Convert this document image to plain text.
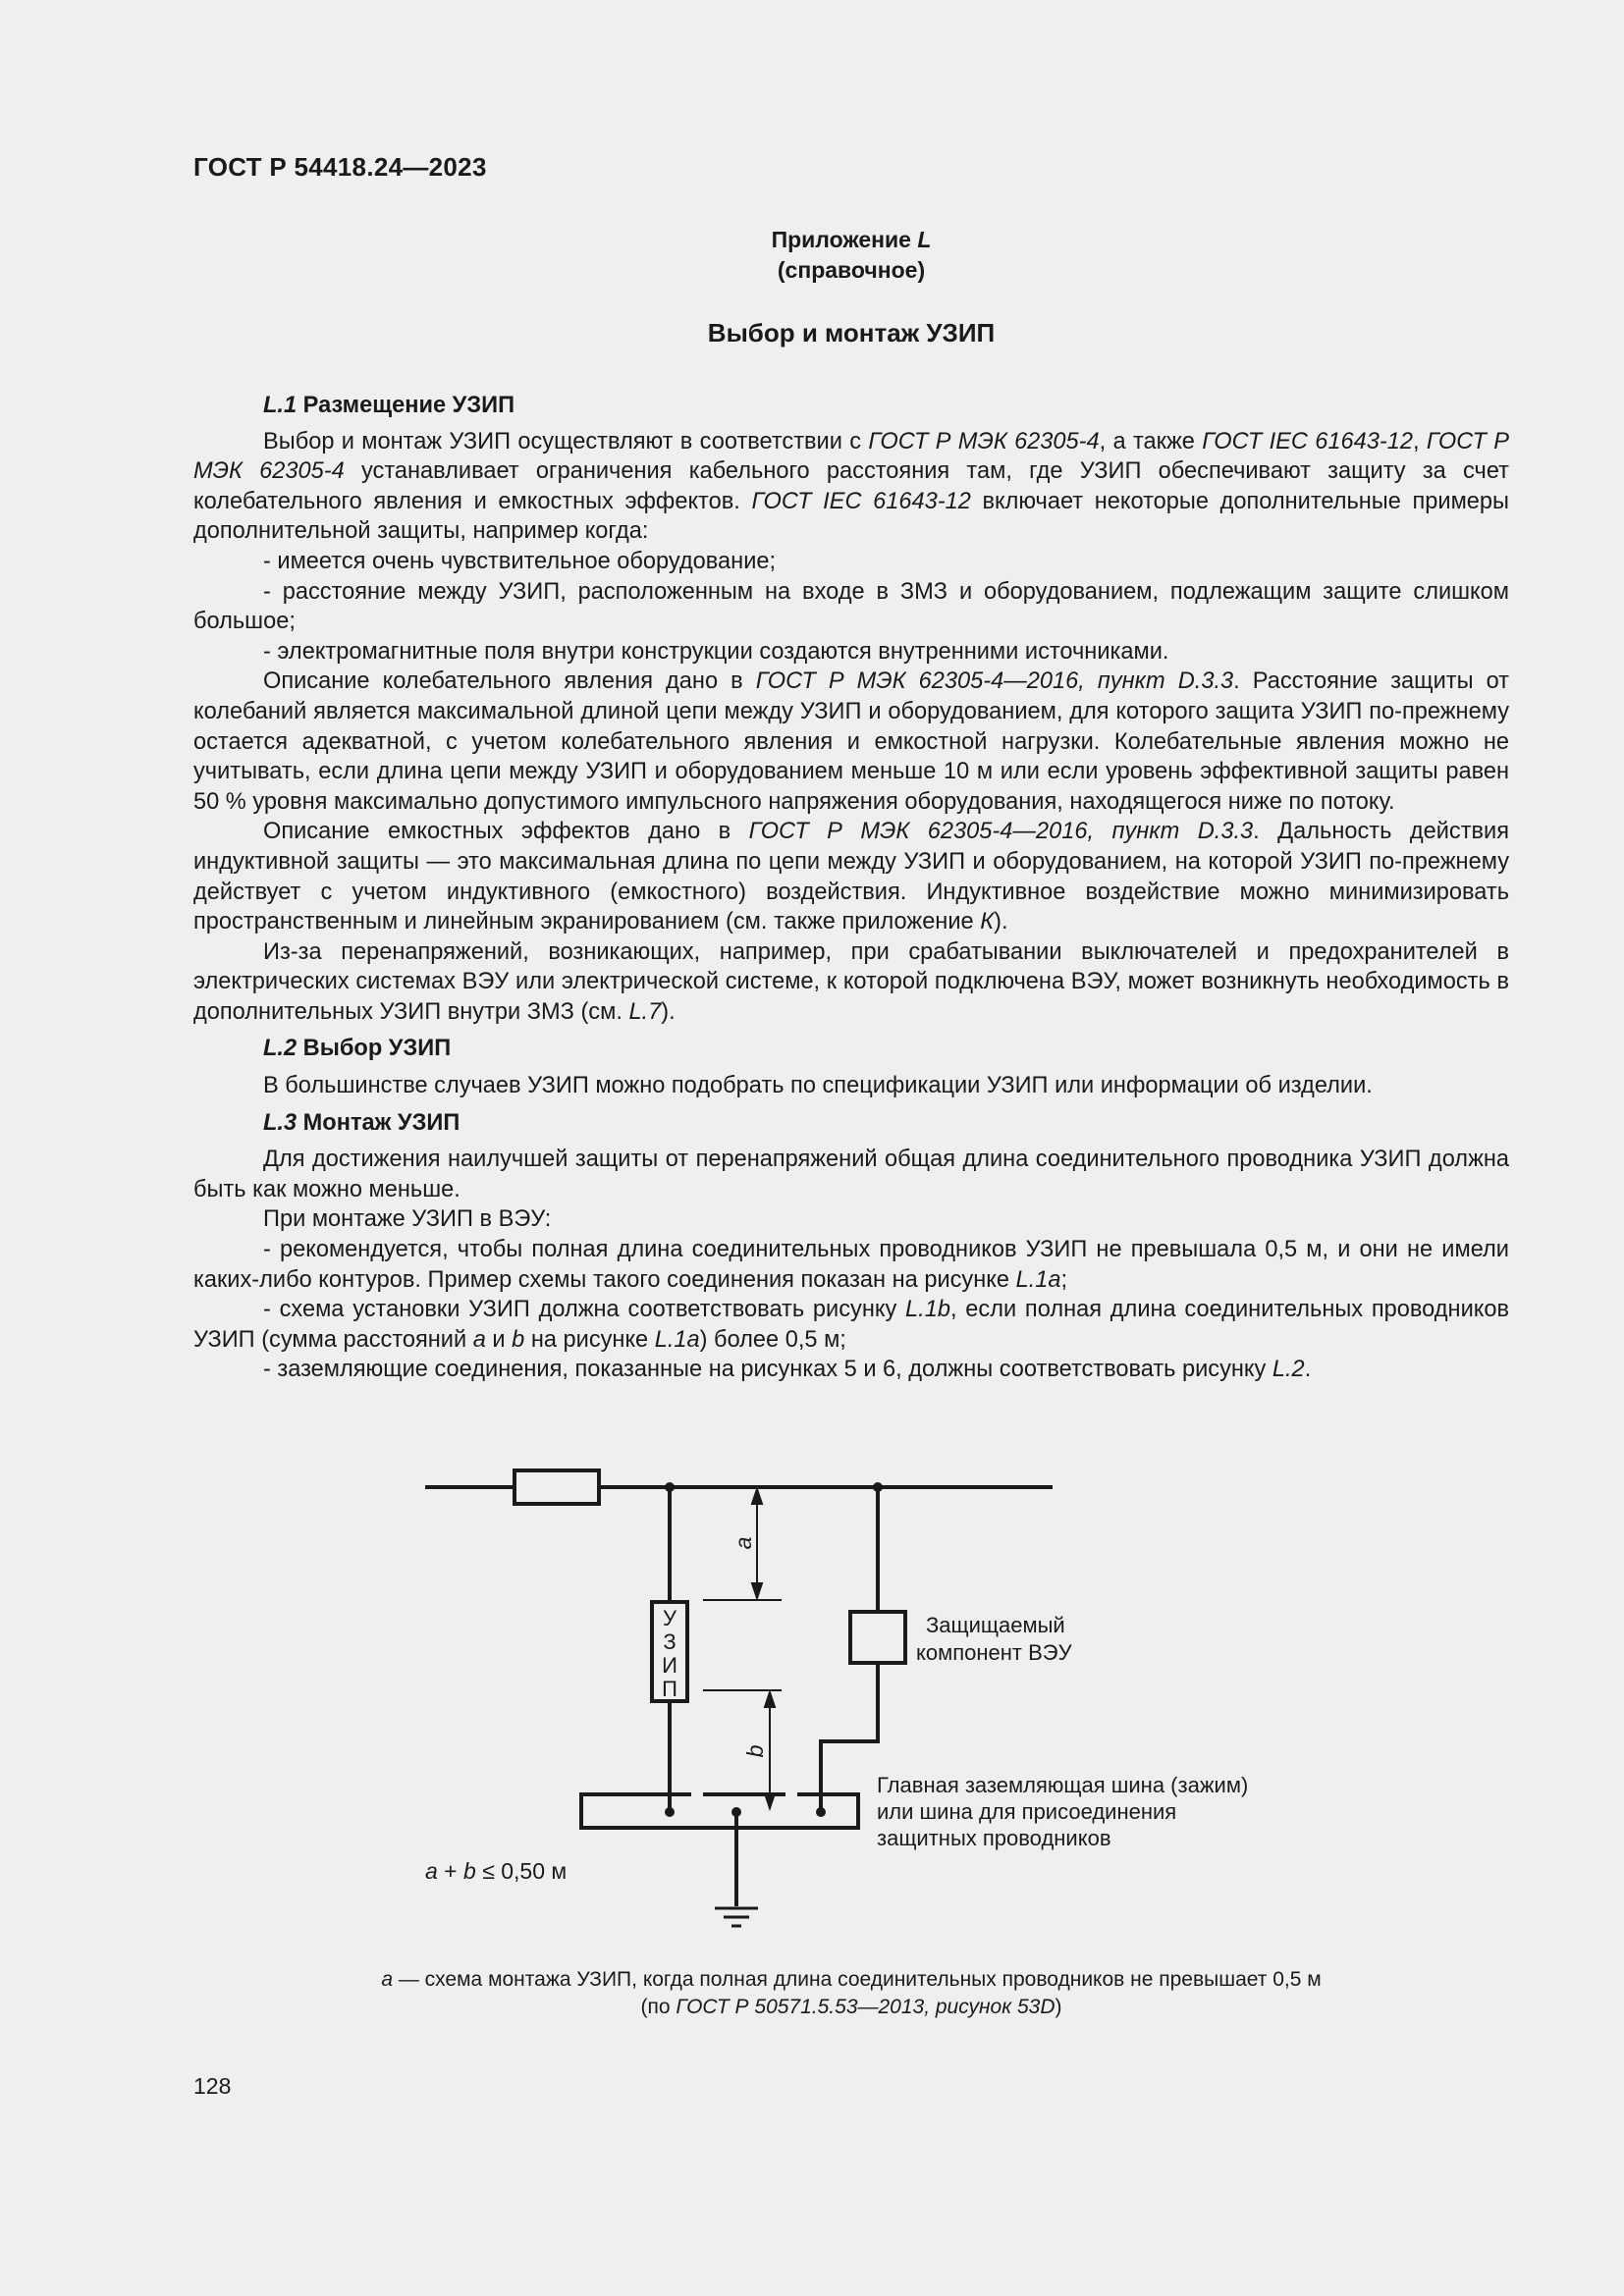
ГОСТ Р 54418.24—2023
Приложение L
(справочное)
Выбор и монтаж УЗИП

L.1 Размещение УЗИП

Выбор и монтаж УЗИП осуществляют в соответствии с ГОСТ Р МЭК 62305-4, а также ГОСТ IEC 61643-12, ГОСТ Р МЭК 62305-4 устанавливает ограничения кабельного расстояния там, где УЗИП обеспечивают защиту за счет колебательного явления и емкостных эффектов. ГОСТ IEC 61643-12 включает некоторые дополнительные примеры дополнительной защиты, например когда:

- имеется очень чувствительное оборудование;

- расстояние между УЗИП, расположенным на входе в ЗМЗ и оборудованием, подлежащим защите слишком большое;

- электромагнитные поля внутри конструкции создаются внутренними источниками.

Описание колебательного явления дано в ГОСТ Р МЭК 62305-4—2016, пункт D.3.3. Расстояние защиты от колебаний является максимальной длиной цепи между УЗИП и оборудованием, для которого защита УЗИП по-прежнему остается адекватной, с учетом колебательного явления и емкостной нагрузки. Колебательные явления можно не учитывать, если длина цепи между УЗИП и оборудованием меньше 10 м или если уровень эффективной защиты равен 50 % уровня максимально допустимого импульсного напряжения оборудования, находящегося ниже по потоку.

Описание емкостных эффектов дано в ГОСТ Р МЭК 62305-4—2016, пункт D.3.3. Дальность действия индуктивной защиты — это максимальная длина по цепи между УЗИП и оборудованием, на которой УЗИП по-прежнему действует с учетом индуктивного (емкостного) воздействия. Индуктивное воздействие можно минимизировать пространственным и линейным экранированием (см. также приложение К).

Из-за перенапряжений, возникающих, например, при срабатывании выключателей и предохранителей в электрических системах ВЭУ или электрической системе, к которой подключена ВЭУ, может возникнуть необходимость в дополнительных УЗИП внутри ЗМЗ (см. L.7).

L.2 Выбор УЗИП

В большинстве случаев УЗИП можно подобрать по спецификации УЗИП или информации об изделии.

L.3 Монтаж УЗИП

Для достижения наилучшей защиты от перенапряжений общая длина соединительного проводника УЗИП должна быть как можно меньше.

При монтаже УЗИП в ВЭУ:

- рекомендуется, чтобы полная длина соединительных проводников УЗИП не превышала 0,5 м, и они не имели каких-либо контуров. Пример схемы такого соединения показан на рисунке L.1a;

- схема установки УЗИП должна соответствовать рисунку L.1b, если полная длина соединительных проводников УЗИП (сумма расстояний a и b на рисунке L.1a) более 0,5 м;

- заземляющие соединения, показанные на рисунках 5 и 6, должны соответствовать рисунку L.2.

a
b
У
З
И
П
Защищаемый
компонент ВЭУ
Главная заземляющая шина (зажим)
или шина для присоединения
защитных проводников
a + b ≤ 0,50 м
a — схема монтажа УЗИП, когда полная длина соединительных проводников не превышает 0,5 м
(по ГОСТ Р 50571.5.53—2013, рисунок 53D)
128
